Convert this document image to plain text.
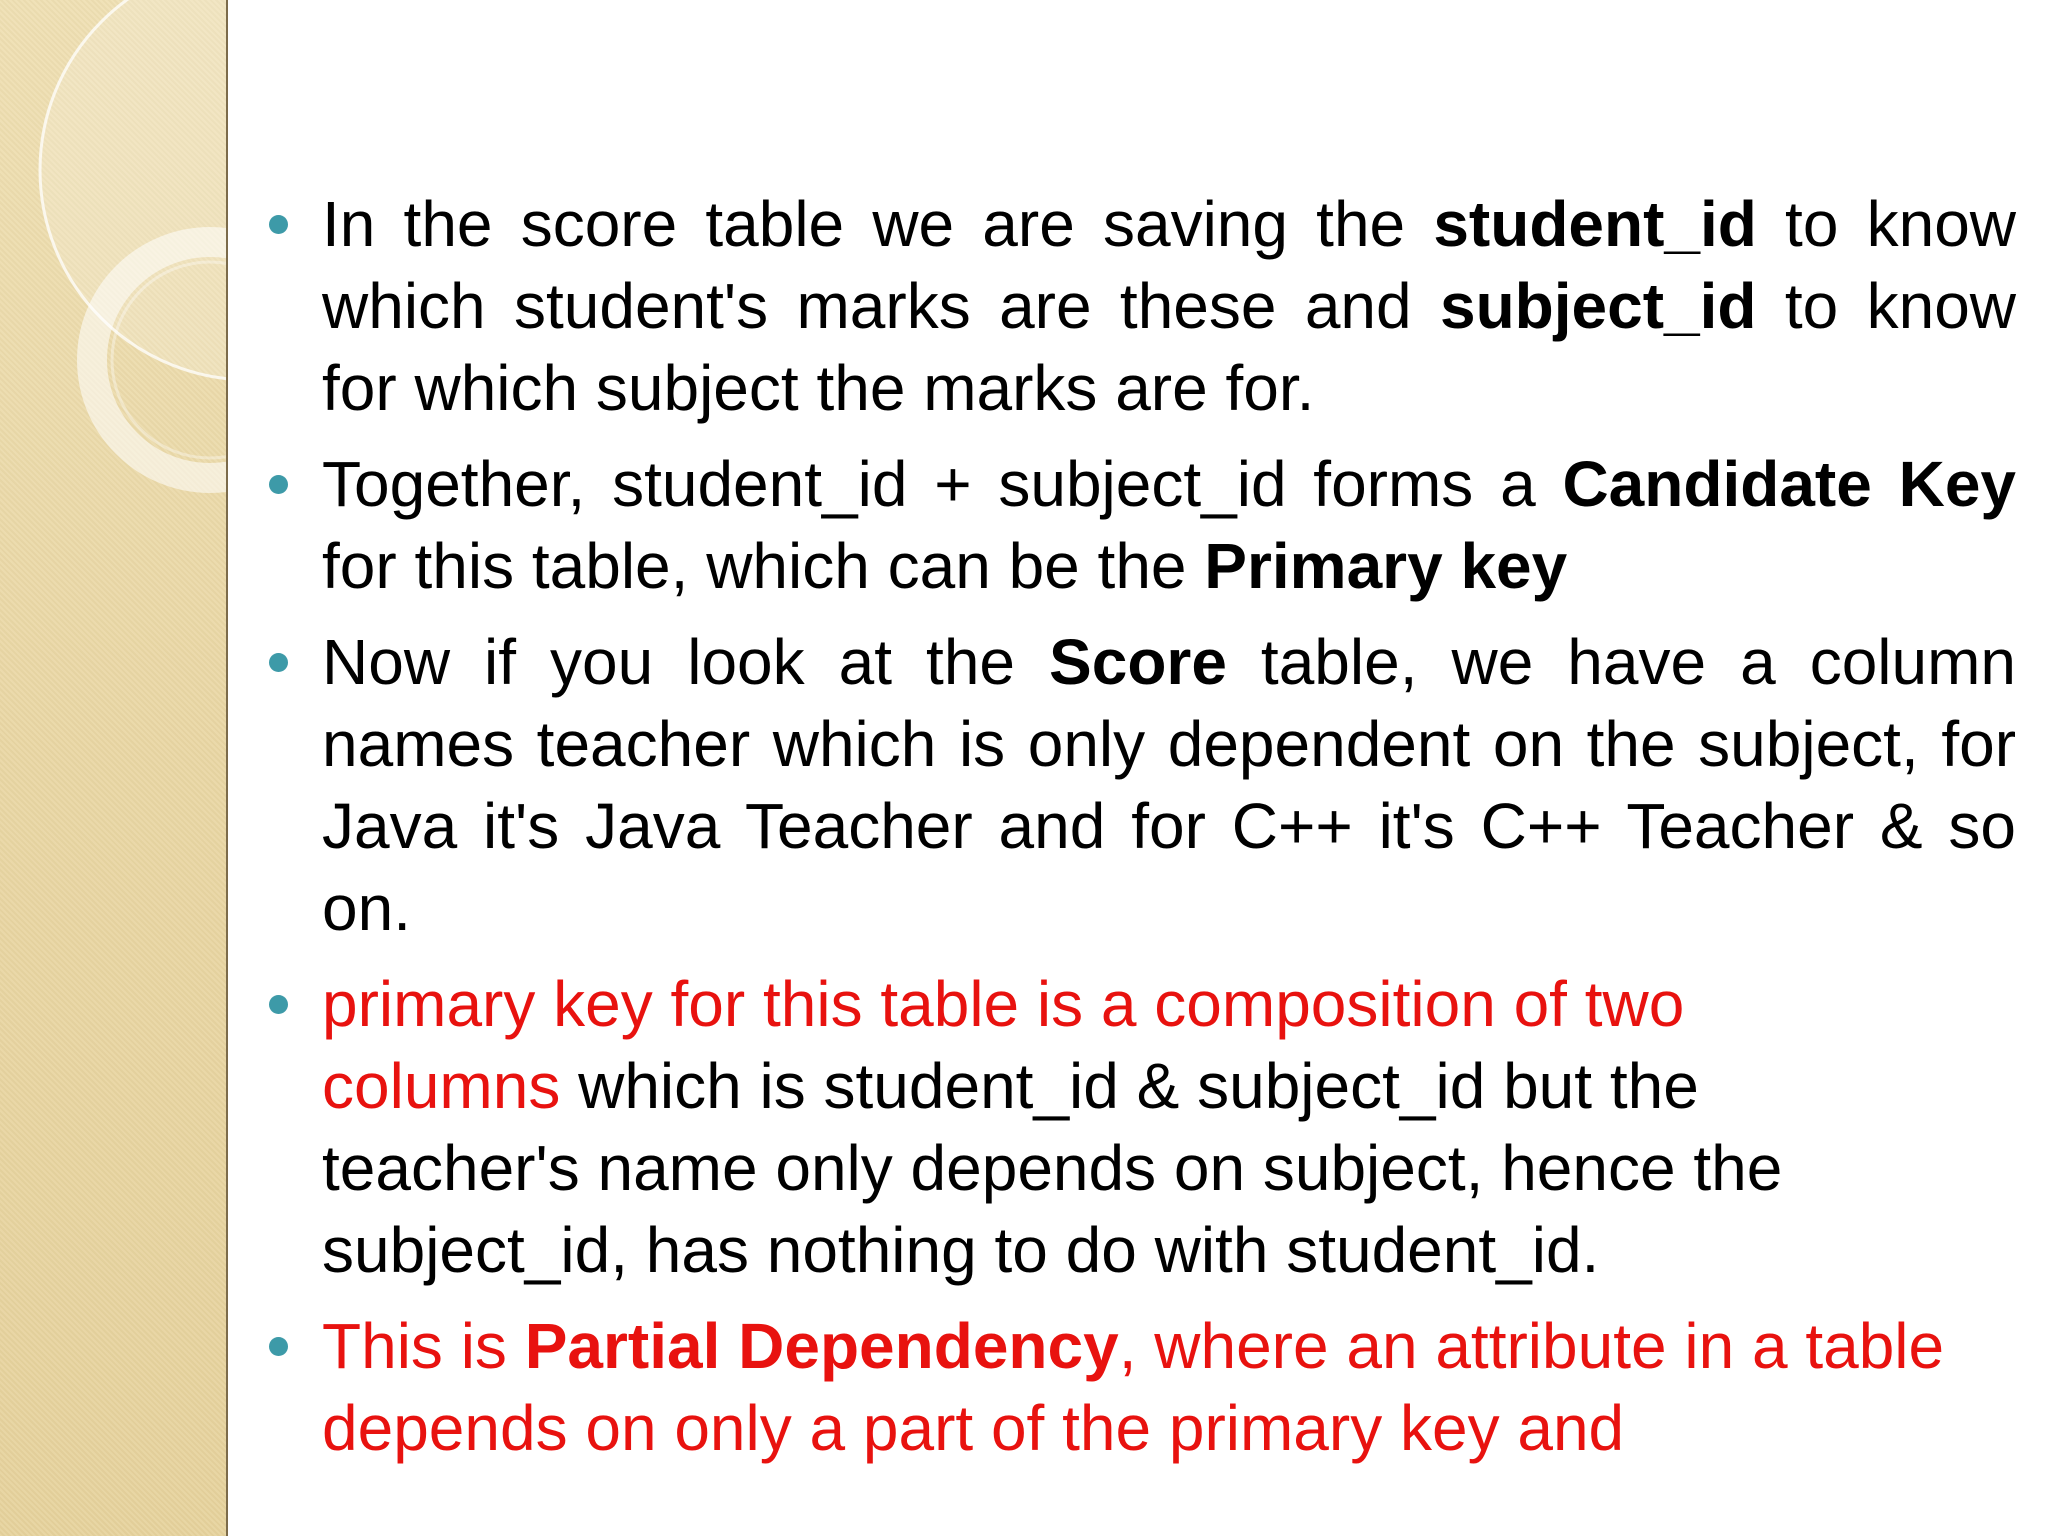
In the score table we are saving the student_id to know which student's marks are these and subject_id to know for which subject the marks are for.
Together, student_id + subject_id forms a Candidate Key for this table, which can be the Primary key
Now if you look at the Score table, we have a column names teacher which is only dependent on the subject, for Java it's Java Teacher and for C++ it's C++ Teacher & so on.
primary key for this table is a composition of two columns which is student_id & subject_id but the teacher's name only depends on subject, hence the subject_id, has nothing to do with student_id.
This is Partial Dependency, where an attribute in a table depends on only a part of the primary key and
